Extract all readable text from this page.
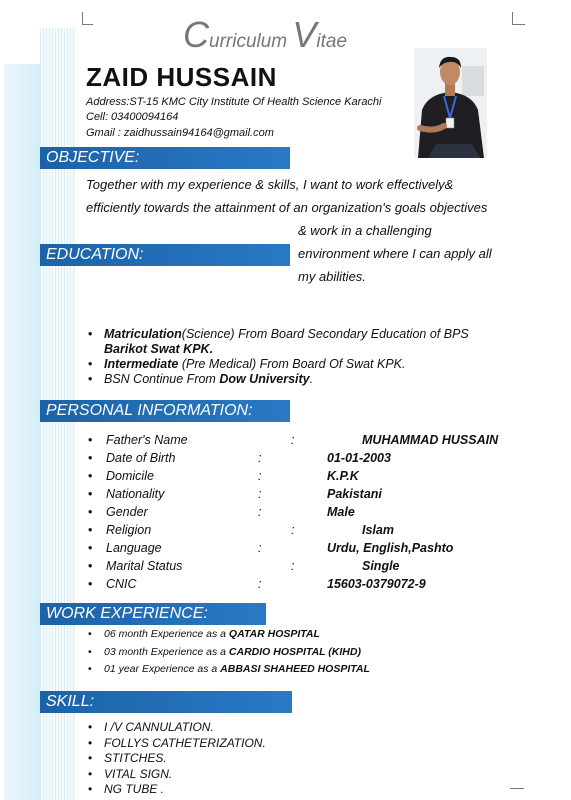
Curriculum Vitae
ZAID HUSSAIN
Address:ST-15 KMC City Institute Of Health Science Karachi
Cell: 03400094164
Gmail : zaidhussain94164@gmail.com
OBJECTIVE:
Together with my experience & skills, I want to work effectively&
efficiently towards the attainment of an organization's goals objectives
& work in a challenging
environment where I can apply all
my abilities.
EDUCATION:
• Matriculation(Science) From Board Secondary Education of BPS
Barikot Swat KPK.
• Intermediate (Pre Medical) From Board Of Swat KPK.
• BSN Continue From Dow University.
PERSONAL INFORMATION:
• Father's Name	:	MUHAMMAD HUSSAIN
• Date of Birth	:	01-01-2003
• Domicile	:	K.P.K
• Nationality	:	Pakistani
• Gender	:	Male
• Religion	:	Islam
• Language	:	Urdu, English,Pashto
• Marital Status	:	Single
• CNIC	:	15603-0379072-9
WORK EXPERIENCE:
• 06 month Experience as a QATAR HOSPITAL
• 03 month Experience as a CARDIO HOSPITAL (KIHD)
• 01 year Experience as a ABBASI SHAHEED HOSPITAL
SKILL:
• I /V CANNULATION.
• FOLLYS CATHETERIZATION.
• STITCHES.
• VITAL SIGN.
• NG TUBE .
